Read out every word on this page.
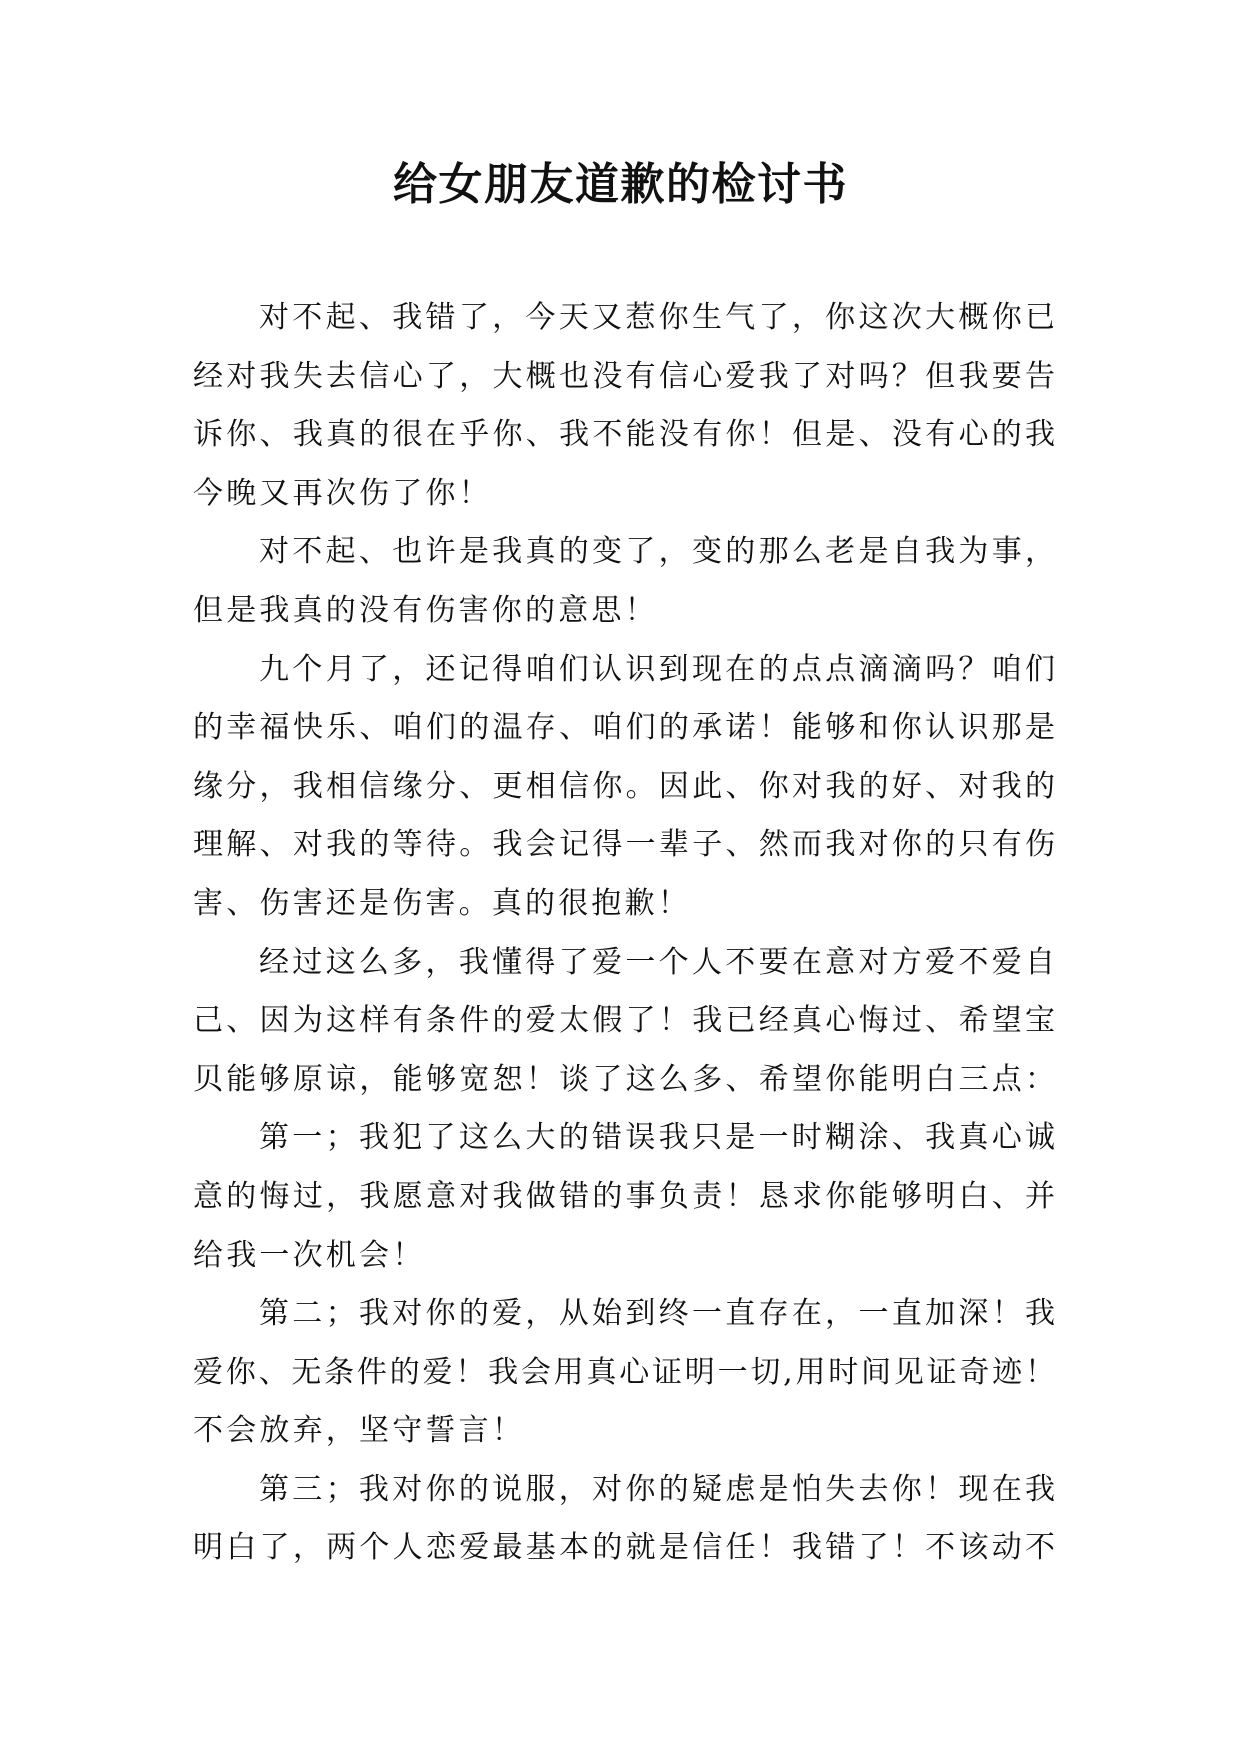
给女朋友道歉的检讨书
对不起、我错了，今天又惹你生气了，你这次大概你已
经对我失去信心了，大概也没有信心爱我了对吗？但我要告
诉你、我真的很在乎你、我不能没有你！但是、没有心的我
今晚又再次伤了你！
对不起、也许是我真的变了，变的那么老是自我为事，
但是我真的没有伤害你的意思！
九个月了，还记得咱们认识到现在的点点滴滴吗？咱们
的幸福快乐、咱们的温存、咱们的承诺！能够和你认识那是
缘分，我相信缘分、更相信你。因此、你对我的好、对我的
理解、对我的等待。我会记得一辈子、然而我对你的只有伤
害、伤害还是伤害。真的很抱歉！
经过这么多，我懂得了爱一个人不要在意对方爱不爱自
己、因为这样有条件的爱太假了！我已经真心悔过、希望宝
贝能够原谅，能够宽恕！谈了这么多、希望你能明白三点：
第一；我犯了这么大的错误我只是一时糊涂、我真心诚
意的悔过，我愿意对我做错的事负责！恳求你能够明白、并
给我一次机会！
第二；我对你的爱，从始到终一直存在，一直加深！我
爱你、无条件的爱！我会用真心证明一切,用时间见证奇迹！
不会放弃，坚守誓言！
第三；我对你的说服，对你的疑虑是怕失去你！现在我
明白了，两个人恋爱最基本的就是信任！我错了！不该动不
